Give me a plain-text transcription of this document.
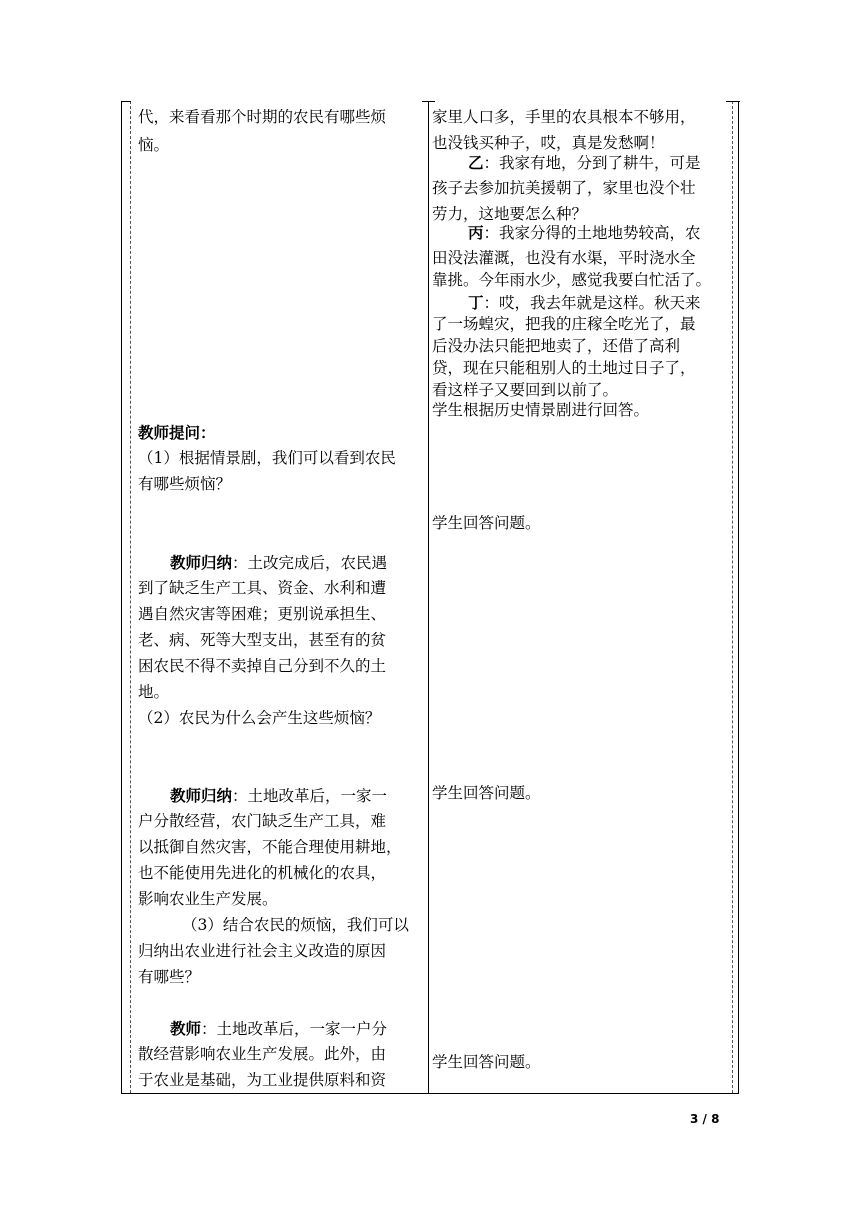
代，来看看那个时期的农民有哪些烦
恼。
教师提问：
（1）根据情景剧，我们可以看到农民
有哪些烦恼？
教师归纳：土改完成后，农民遇
到了缺乏生产工具、资金、水利和遭
遇自然灾害等困难；更别说承担生、
老、病、死等大型支出，甚至有的贫
困农民不得不卖掉自己分到不久的土
地。
（2）农民为什么会产生这些烦恼？
教师归纳：土地改革后，一家一
户分散经营，农门缺乏生产工具，难
以抵御自然灾害，不能合理使用耕地，
也不能使用先进化的机械化的农具，
影响农业生产发展。
（3）结合农民的烦恼，我们可以
归纳出农业进行社会主义改造的原因
有哪些？
教师：土地改革后，一家一户分
散经营影响农业生产发展。此外，由
于农业是基础，为工业提供原料和资
家里人口多，手里的农具根本不够用，
也没钱买种子，哎，真是发愁啊！
乙：我家有地，分到了耕牛，可是
孩子去参加抗美援朝了，家里也没个壮
劳力，这地要怎么种？
丙：我家分得的土地地势较高，农
田没法灌溉，也没有水渠，平时浇水全
靠挑。今年雨水少，感觉我要白忙活了。
丁：哎，我去年就是这样。秋天来
了一场蝗灾，把我的庄稼全吃光了，最
后没办法只能把地卖了，还借了高利
贷，现在只能租别人的土地过日子了，
看这样子又要回到以前了。
学生根据历史情景剧进行回答。
学生回答问题。
学生回答问题。
学生回答问题。
3 / 8
